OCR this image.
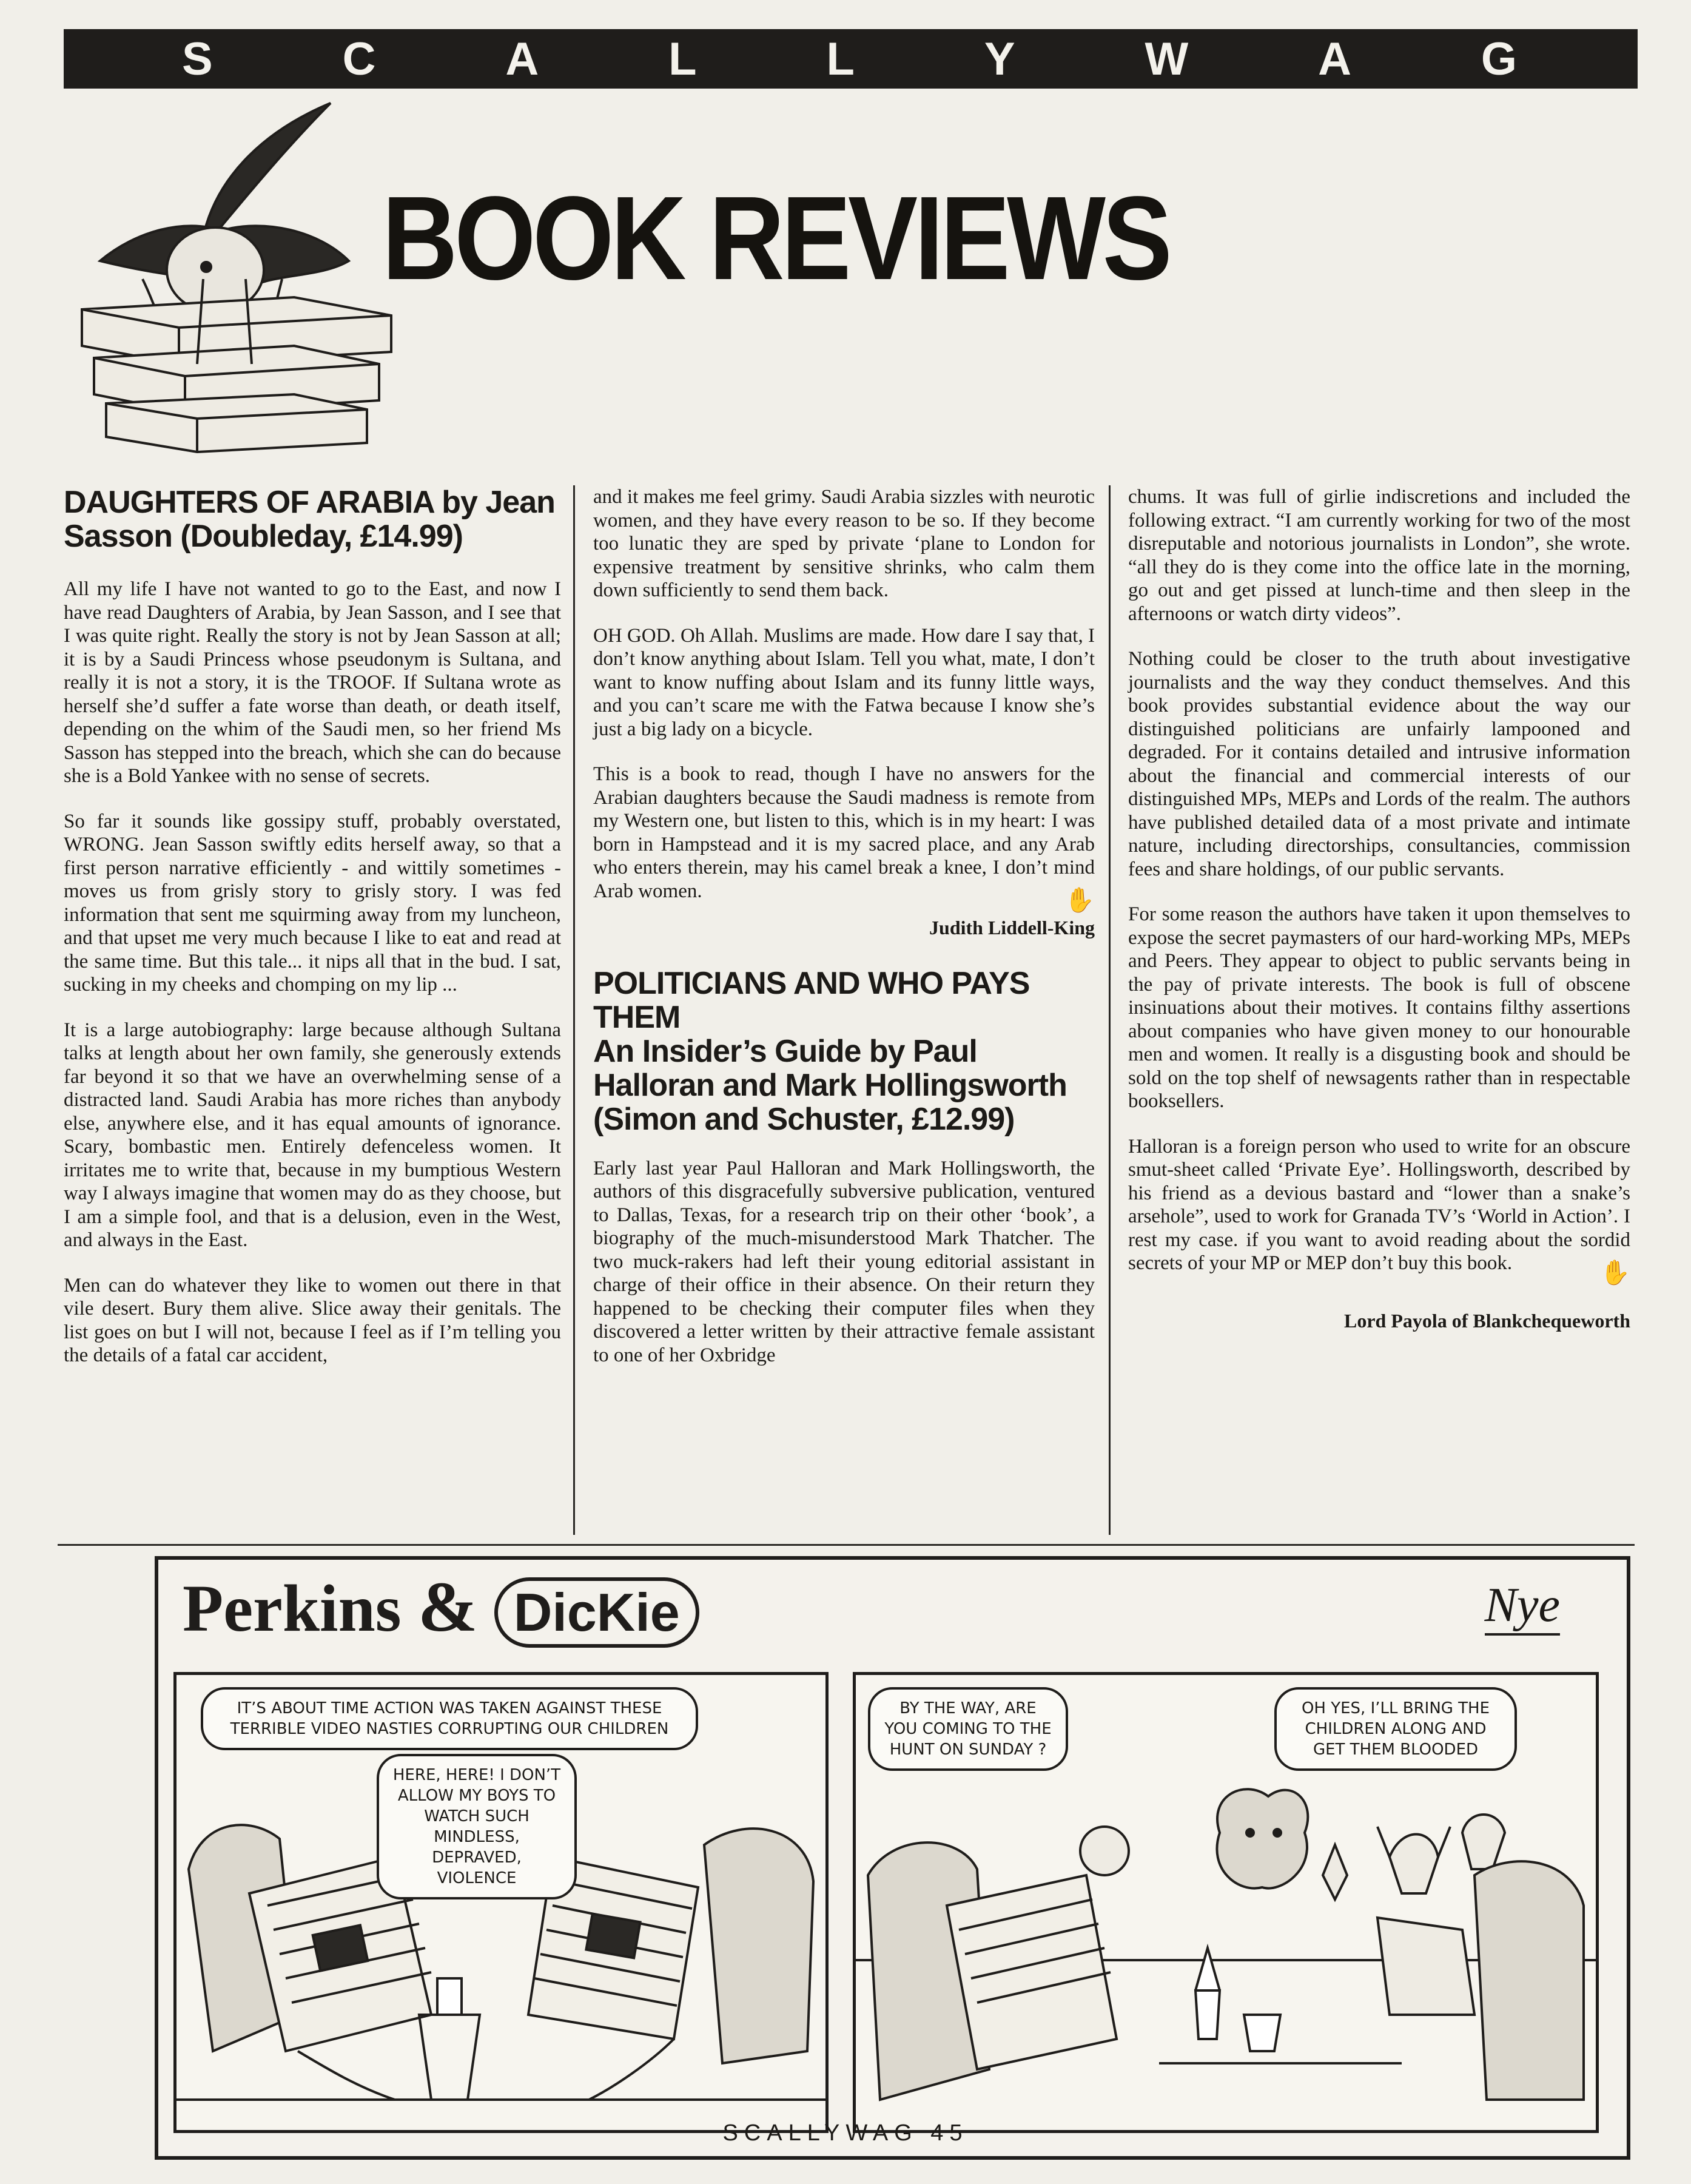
S	C	A	L	L	Y	W	A	G
BOOK REVIEWS
DAUGHTERS OF ARABIA by Jean Sasson (Doubleday, £14.99)

All my life I have not wanted to go to the East, and now I have read Daughters of Arabia, by Jean Sasson, and I see that I was quite right. Really the story is not by Jean Sasson at all; it is by a Saudi Princess whose pseudonym is Sultana, and really it is not a story, it is the TROOF. If Sultana wrote as herself she’d suffer a fate worse than death, or death itself, depending on the whim of the Saudi men, so her friend Ms Sasson has stepped into the breach, which she can do because she is a Bold Yankee with no sense of secrets.

So far it sounds like gossipy stuff, probably overstated, WRONG. Jean Sasson swiftly edits herself away, so that a first person narrative efficiently - and wittily sometimes - moves us from grisly story to grisly story. I was fed information that sent me squirming away from my luncheon, and that upset me very much because I like to eat and read at the same time. But this tale... it nips all that in the bud. I sat, sucking in my cheeks and chomping on my lip ...

It is a large autobiography: large because although Sultana talks at length about her own family, she generously extends far beyond it so that we have an overwhelming sense of a distracted land. Saudi Arabia has more riches than anybody else, anywhere else, and it has equal amounts of ignorance. Scary, bombastic men. Entirely defenceless women. It irritates me to write that, because in my bumptious Western way I always imagine that women may do as they choose, but I am a simple fool, and that is a delusion, even in the West, and always in the East.

Men can do whatever they like to women out there in that vile desert. Bury them alive. Slice away their genitals. The list goes on but I will not, because I feel as if I’m telling you the details of a fatal car accident,

and it makes me feel grimy. Saudi Arabia sizzles with neurotic women, and they have every reason to be so. If they become too lunatic they are sped by private ‘plane to London for expensive treatment by sensitive shrinks, who calm them down sufficiently to send them back.

OH GOD. Oh Allah. Muslims are made. How dare I say that, I don’t know anything about Islam. Tell you what, mate, I don’t want to know nuffing about Islam and its funny little ways, and you can’t scare me with the Fatwa because I know she’s just a big lady on a bicycle.

This is a book to read, though I have no answers for the Arabian daughters because the Saudi madness is remote from my Western one, but listen to this, which is in my heart: I was born in Hampstead and it is my sacred place, and any Arab who enters therein, may his camel break a knee, I don’t mind Arab women.	✋
Judith Liddell-King
POLITICIANS AND WHO PAYS THEM
An Insider’s Guide by Paul Halloran and Mark Hollingsworth (Simon and Schuster, £12.99)

Early last year Paul Halloran and Mark Hollingsworth, the authors of this disgracefully subversive publication, ventured to Dallas, Texas, for a research trip on their other ‘book’, a biography of the much-misunderstood Mark Thatcher. The two muck-rakers had left their young editorial assistant in charge of their office in their absence. On their return they happened to be checking their computer files when they discovered a letter written by their attractive female assistant to one of her Oxbridge

chums. It was full of girlie indiscretions and included the following extract. “I am currently working for two of the most disreputable and notorious journalists in London”, she wrote. “all they do is they come into the office late in the morning, go out and get pissed at lunch-time and then sleep in the afternoons or watch dirty videos”.

Nothing could be closer to the truth about investigative journalists and the way they conduct themselves. And this book provides substantial evidence about the way our distinguished politicians are unfairly lampooned and degraded. For it contains detailed and intrusive information about the financial and commercial interests of our distinguished MPs, MEPs and Lords of the realm. The authors have published detailed data of a most private and intimate nature, including directorships, consultancies, commission fees and share holdings, of our public servants.

For some reason the authors have taken it upon themselves to expose the secret paymasters of our hard-working MPs, MEPs and Peers. They appear to object to public servants being in the pay of private interests. The book is full of obscene insinuations about their motives. It contains filthy assertions about companies who have given money to our honourable men and women. It really is a disgusting book and should be sold on the top shelf of newsagents rather than in respectable booksellers.

Halloran is a foreign person who used to write for an obscure smut-sheet called ‘Private Eye’. Hollingsworth, described by his friend as a devious bastard and “lower than a snake’s arsehole”, used to work for Granada TV’s ‘World in Action’. I rest my case. if you want to avoid reading about the sordid secrets of your MP or MEP don’t buy this book.	✋
Lord Payola of Blankchequeworth
Perkins & DicKie	Nye
IT’S ABOUT TIME ACTION WAS TAKEN AGAINST THESE TERRIBLE VIDEO NASTIES CORRUPTING OUR CHILDREN
HERE, HERE! I DON’T ALLOW MY BOYS TO WATCH SUCH MINDLESS, DEPRAVED, VIOLENCE
BY THE WAY, ARE YOU COMING TO THE HUNT ON SUNDAY ?
OH YES, I’LL BRING THE CHILDREN ALONG AND GET THEM BLOODED
SCALLYWAG 45
